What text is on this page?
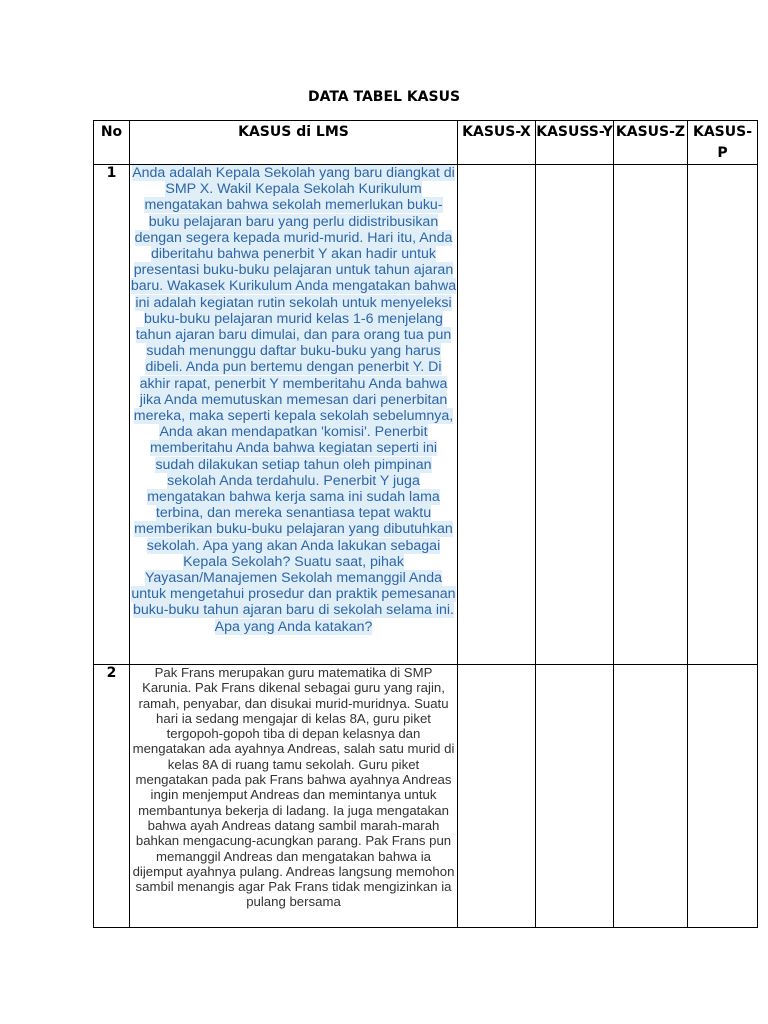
DATA TABEL KASUS
No	KASUS di LMS	KASUS-X	KASUSS-Y	KASUS-Z	KASUS-P
1	Anda adalah Kepala Sekolah yang baru diangkat di SMP X. Wakil Kepala Sekolah Kurikulum mengatakan bahwa sekolah memerlukan buku-buku pelajaran baru yang perlu didistribusikan dengan segera kepada murid-murid. Hari itu, Anda diberitahu bahwa penerbit Y akan hadir untuk presentasi buku-buku pelajaran untuk tahun ajaran baru. Wakasek Kurikulum Anda mengatakan bahwa ini adalah kegiatan rutin sekolah untuk menyeleksi buku-buku pelajaran murid kelas 1-6 menjelang tahun ajaran baru dimulai, dan para orang tua pun sudah menunggu daftar buku-buku yang harus dibeli. Anda pun bertemu dengan penerbit Y. Di akhir rapat, penerbit Y memberitahu Anda bahwa jika Anda memutuskan memesan dari penerbitan mereka, maka seperti kepala sekolah sebelumnya, Anda akan mendapatkan 'komisi'. Penerbit memberitahu Anda bahwa kegiatan seperti ini sudah dilakukan setiap tahun oleh pimpinan sekolah Anda terdahulu. Penerbit Y juga mengatakan bahwa kerja sama ini sudah lama terbina, dan mereka senantiasa tepat waktu memberikan buku-buku pelajaran yang dibutuhkan sekolah. Apa yang akan Anda lakukan sebagai Kepala Sekolah? Suatu saat, pihak Yayasan/Manajemen Sekolah memanggil Anda untuk mengetahui prosedur dan praktik pemesanan buku-buku tahun ajaran baru di sekolah selama ini. Apa yang Anda katakan?				

2	Pak Frans merupakan guru matematika di SMP Karunia. Pak Frans dikenal sebagai guru yang rajin, ramah, penyabar, dan disukai murid-muridnya. Suatu hari ia sedang mengajar di kelas 8A, guru piket tergopoh-gopoh tiba di depan kelasnya dan mengatakan ada ayahnya Andreas, salah satu murid di kelas 8A di ruang tamu sekolah. Guru piket mengatakan pada pak Frans bahwa ayahnya Andreas ingin menjemput Andreas dan memintanya untuk membantunya bekerja di ladang. Ia juga mengatakan bahwa ayah Andreas datang sambil marah-marah bahkan mengacung-acungkan parang. Pak Frans pun memanggil Andreas dan mengatakan bahwa ia dijemput ayahnya pulang. Andreas langsung memohon sambil menangis agar Pak Frans tidak mengizinkan ia pulang bersama				
